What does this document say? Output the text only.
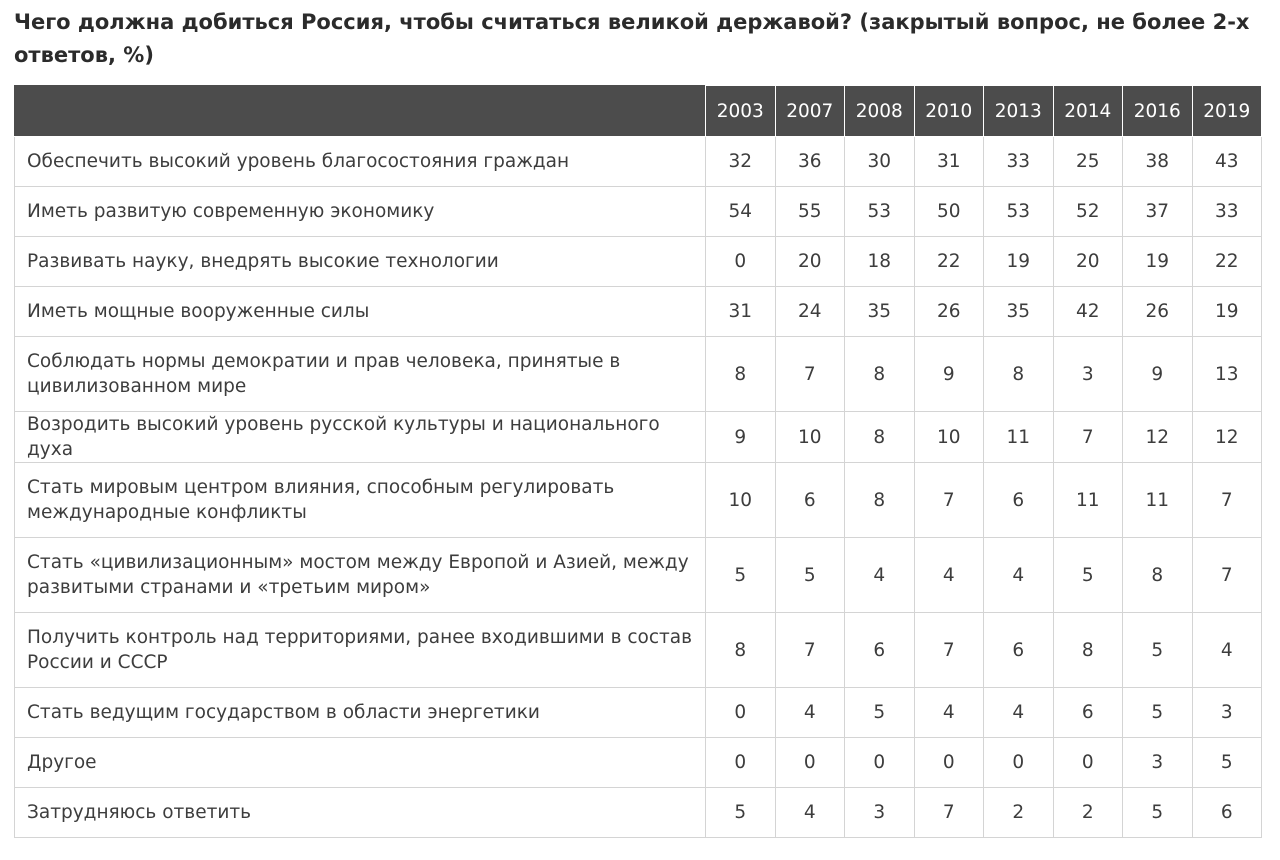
Чего должна добиться Россия, чтобы считаться великой державой? (закрытый вопрос, не более 2-х ответов, %)
	2003	2007	2008	2010	2013	2014	2016	2019
Обеспечить высокий уровень благосостояния граждан	32	36	30	31	33	25	38	43
Иметь развитую современную экономику	54	55	53	50	53	52	37	33
Развивать науку, внедрять высокие технологии	0	20	18	22	19	20	19	22
Иметь мощные вооруженные силы	31	24	35	26	35	42	26	19
Соблюдать нормы демократии и прав человека, принятые в цивилизованном мире	8	7	8	9	8	3	9	13
Возродить высокий уровень русской культуры и национального духа	9	10	8	10	11	7	12	12
Стать мировым центром влияния, способным регулировать международные конфликты	10	6	8	7	6	11	11	7
Стать «цивилизационным» мостом между Европой и Азией, между развитыми странами и «третьим миром»	5	5	4	4	4	5	8	7
Получить контроль над территориями, ранее входившими в состав России и СССР	8	7	6	7	6	8	5	4
Стать ведущим государством в области энергетики	0	4	5	4	4	6	5	3
Другое	0	0	0	0	0	0	3	5
Затрудняюсь ответить	5	4	3	7	2	2	5	6
